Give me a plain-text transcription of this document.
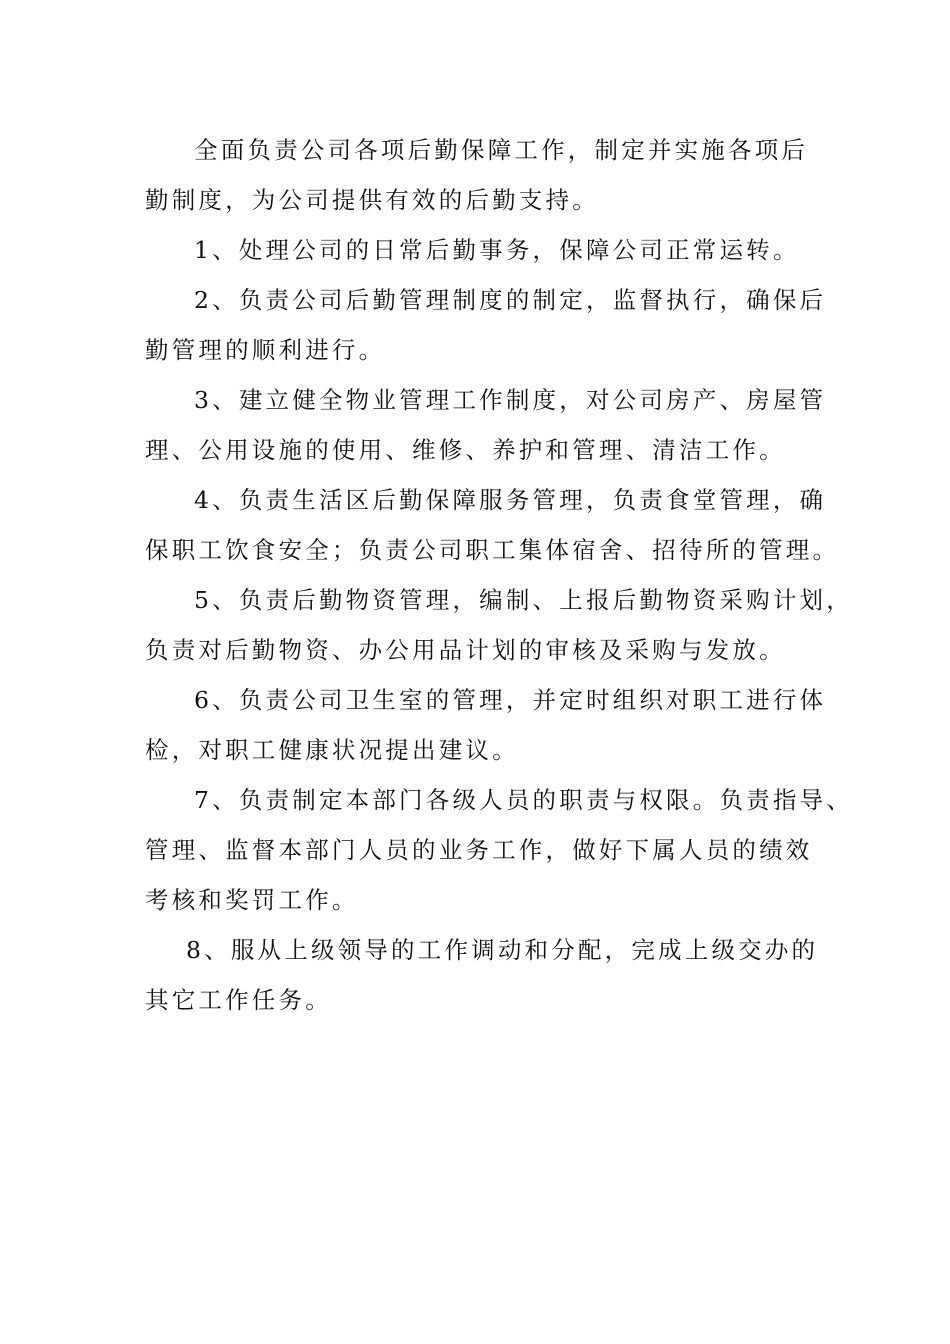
全面负责公司各项后勤保障工作，制定并实施各项后

勤制度，为公司提供有效的后勤支持。

1、处理公司的日常后勤事务，保障公司正常运转。

2、负责公司后勤管理制度的制定，监督执行，确保后

勤管理的顺利进行。

3、建立健全物业管理工作制度，对公司房产、房屋管

理、公用设施的使用、维修、养护和管理、清洁工作。

4、负责生活区后勤保障服务管理，负责食堂管理，确

保职工饮食安全；负责公司职工集体宿舍、招待所的管理。

5、负责后勤物资管理，编制、上报后勤物资采购计划，

负责对后勤物资、办公用品计划的审核及采购与发放。

6、负责公司卫生室的管理，并定时组织对职工进行体

检，对职工健康状况提出建议。

7、负责制定本部门各级人员的职责与权限。负责指导、

管理、监督本部门人员的业务工作，做好下属人员的绩效

考核和奖罚工作。

8、服从上级领导的工作调动和分配，完成上级交办的

其它工作任务。
